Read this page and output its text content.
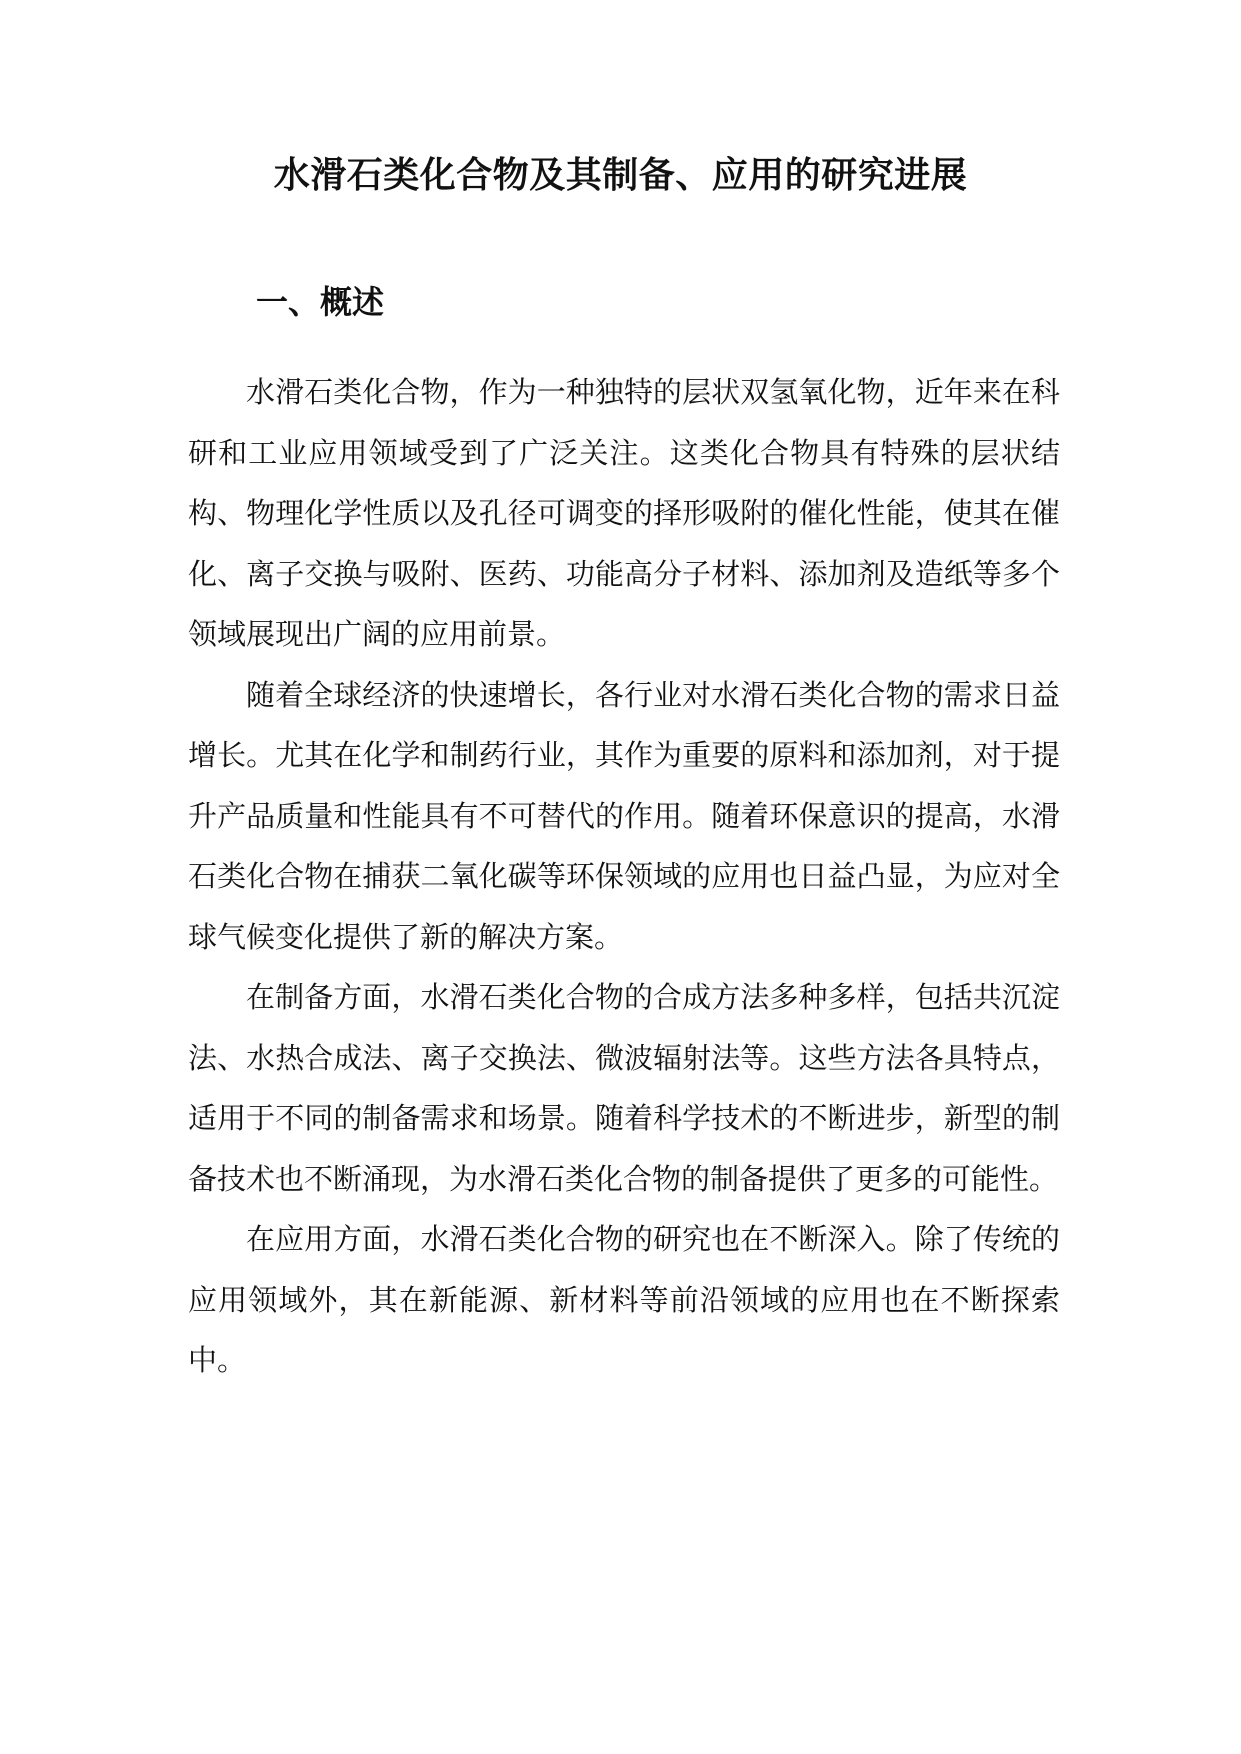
水滑石类化合物及其制备、应用的研究进展
一、概述

水滑石类化合物，作为一种独特的层状双氢氧化物，近年来在科研和工业应用领域受到了广泛关注。这类化合物具有特殊的层状结构、物理化学性质以及孔径可调变的择形吸附的催化性能，使其在催化、离子交换与吸附、医药、功能高分子材料、添加剂及造纸等多个领域展现出广阔的应用前景。

随着全球经济的快速增长，各行业对水滑石类化合物的需求日益增长。尤其在化学和制药行业，其作为重要的原料和添加剂，对于提升产品质量和性能具有不可替代的作用。随着环保意识的提高，水滑石类化合物在捕获二氧化碳等环保领域的应用也日益凸显，为应对全球气候变化提供了新的解决方案。

在制备方面，水滑石类化合物的合成方法多种多样，包括共沉淀法、水热合成法、离子交换法、微波辐射法等。这些方法各具特点，适用于不同的制备需求和场景。随着科学技术的不断进步，新型的制备技术也不断涌现，为水滑石类化合物的制备提供了更多的可能性。

在应用方面，水滑石类化合物的研究也在不断深入。除了传统的应用领域外，其在新能源、新材料等前沿领域的应用也在不断探索中。
